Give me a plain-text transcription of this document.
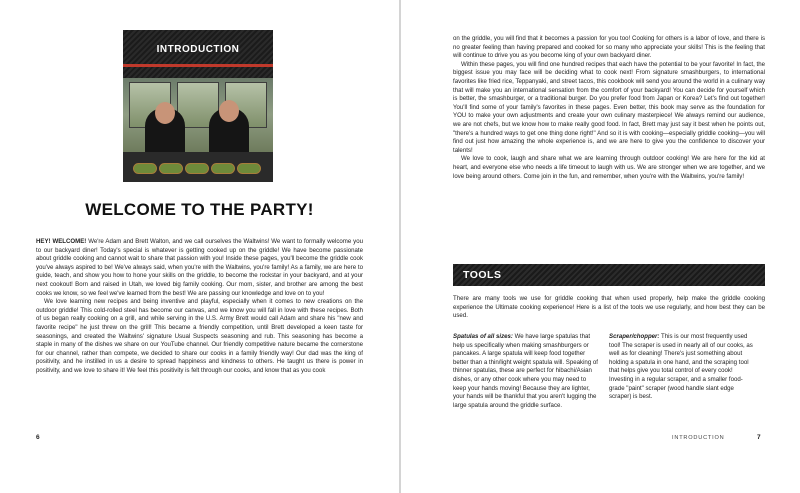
INTRODUCTION
WELCOME TO THE PARTY!

HEY! WELCOME! We're Adam and Brett Walton, and we call ourselves the Waltwins! We want to formally welcome you to our backyard diner! Today's special is whatever is getting cooked up on the griddle! We have become passionate about griddle cooking and cannot wait to share that passion with you! Inside these pages, you'll become the griddle cook you've always aspired to be! We've always said, when you're with the Waltwins, you're family! As a family, we are here to guide, teach, and show you how to hone your skills on the griddle, to become the rockstar in your backyard, and at your next cookout! Born and raised in Utah, we loved big family cooking. Our mom, sister, and brother are among the best cooks we know, so we feel we've learned from the best! We are passing our knowledge and love on to you!

We love learning new recipes and being inventive and playful, especially when it comes to new creations on the outdoor griddle! This cold-rolled steel has become our canvas, and we know you will fall in love with these recipes. Both of us began really cooking on a grill, and while serving in the U.S. Army Brett would call Adam and share his "new and favorite recipe" he just threw on the grill! This became a friendly competition, until Brett developed a keen taste for seasonings, and created the Waltwins' signature Usual Suspects seasoning and rub. This seasoning has become a staple in many of the dishes we share on our YouTube channel. Our friendly competitive nature became the cornerstone for our channel, rather than compete, we decided to share our cooks in a family friendly way! Our dad was the king of positivity, and he instilled in us a desire to spread happiness and kindness to others. He taught us there is power in positivity, and we love to share it! We feel this positivity is felt through our cooks, and know that as you cook

6

on the griddle, you will find that it becomes a passion for you too! Cooking for others is a labor of love, and there is no greater feeling than having prepared and cooked for so many who appreciate your skills! This is the feeling that will continue to drive you as you become king of your own backyard diner.

Within these pages, you will find one hundred recipes that each have the potential to be your favorite! In fact, the biggest issue you may face will be deciding what to cook next! From signature smashburgers, to international favorites like fried rice, Teppanyaki, and street tacos, this cookbook will send you around the world in a culinary way that will make you an international sensation from the comfort of your backyard! You can decide for yourself which is better, the smashburger, or a traditional burger. Do you prefer food from Japan or Korea? Let's find out together! You'll find some of your family's favorites in these pages. Even better, this book may serve as the foundation for YOU to make your own adjustments and create your own culinary masterpiece! We always remind our audience, we are not chefs, but we know how to make really good food. In fact, Brett may just say it best when he points out, "there's a hundred ways to get one thing done right!" And so it is with cooking—especially griddle cooking—you will find out just how amazing the whole experience is, and we are here to give you the confidence to discover your talents!

We love to cook, laugh and share what we are learning through outdoor cooking! We are here for the kid at heart, and everyone else who needs a life timeout to laugh with us. We are stronger when we are together, and we love being around others. Come join in the fun, and remember, when you're with the Waltwins, you're family!

TOOLS

There are many tools we use for griddle cooking that when used properly, help make the griddle cooking experience the Ultimate cooking experience! Here is a list of the tools we use regularly, and how best they can be used.

Spatulas of all sizes: We have large spatulas that help us specifically when making smashburgers or pancakes. A large spatula will keep food together better than a thin/light weight spatula will. Speaking of thinner spatulas, these are perfect for hibachi/Asian dishes, or any other cook where you may need to keep your hands moving! Because they are lighter, your hands will be thankful that you aren't lugging the large spatula around the griddle surface.

Scraper/chopper: This is our most frequently used tool! The scraper is used in nearly all of our cooks, as well as for cleaning! There's just something about holding a spatula in one hand, and the scraping tool that helps give you total control of every cook! Investing in a regular scraper, and a smaller food-grade "paint" scraper (wood handle slant edge scraper) is best.

INTRODUCTION	7
